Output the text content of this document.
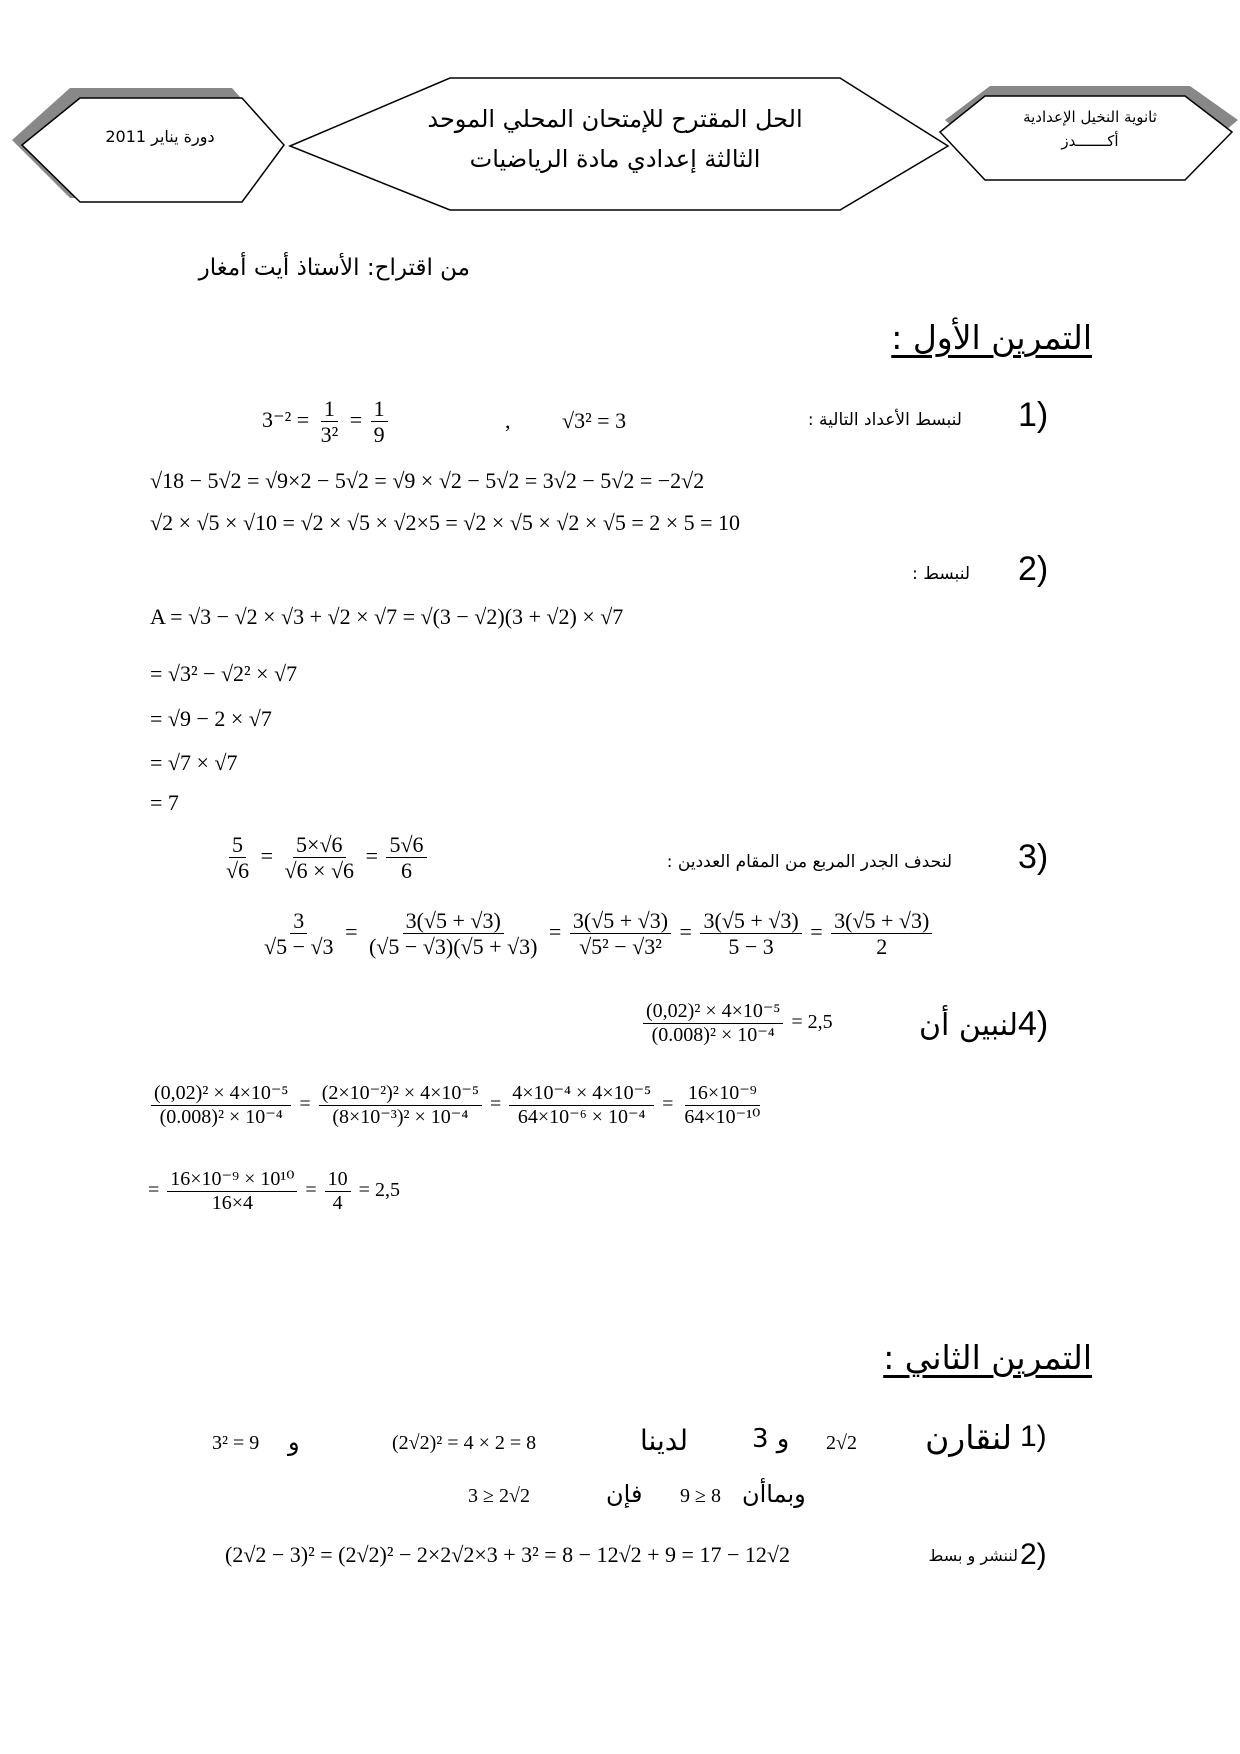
دورة يناير 2011
الحل المقترح للإمتحان المحلي الموحد
الثالثة إعدادي مادة الرياضيات
ثانوية النخيل الإعدادية
أكـــــــدز
من اقتراح: الأستاذ أيت أمغار
التمرين الأول :
1)
لنبسط الأعداد التالية :
√3² = 3
,
$3^{-2} = \frac{1}{\text{3²}} = \frac{1}{9}$
√18 − 5√2 = √9×2 − 5√2 = √9 × √2 − 5√2 = 3√2 − 5√2 = −2√2
√2 × √5 × √10 = √2 × √5 × √2×5 = √2 × √5 × √2 × √5 = 2 × 5 = 10
2)
لنبسط :
A = √3 − √2 × √3 + √2 × √7 = √(3 − √2)(3 + √2) × √7
= √3² − √2² × √7
= √9 − 2 × √7
= √7 × √7
= 7
3)
لنحدف الجدر المربع من المقام العددين :
$\frac{5}{√6} = \frac{5\times√6}{√6 \times √6} = \frac{5√6}{6}$
$\frac{3}{√5 - √3} = \frac{3(√5 + √3)}{(√5 - √3)(√5 + √3)} = \frac{3(√5 + √3)}{\text{√5² − √3²}} = \frac{3(√5 + √3)}{5 - 3} = \frac{3(√5 + √3)}{2}$
4)
لنبين أن
$\frac{\text{(0,02)² × 4×10⁻⁵}}{\text{(0.008)² × 10⁻⁴}} = 2,5$
$\frac{\text{(0,02)² × 4×10⁻⁵}}{\text{(0.008)² × 10⁻⁴}} = \frac{\text{(2×10⁻²)² × 4×10⁻⁵}}{\text{(8×10⁻³)² × 10⁻⁴}} = \frac{\text{4×10⁻⁴ × 4×10⁻⁵}}{\text{64×10⁻⁶ × 10⁻⁴}} = \frac{\text{16×10⁻⁹}}{\text{64×10⁻¹⁰}}$
= $\frac{\text{16×10⁻⁹ × 10¹⁰}}{16\times 4} = \frac{10}{4} = 2,5$
التمرين الثاني :
1)
لنقارن
2√2
و 3
لدينا
(2√2)² = 4 × 2 = 8
و
3² = 9
وبماأن
9 ≥ 8
فإن
3 ≥ 2√2
2)
لننشر و بسط
(2√2 − 3)² = (2√2)² − 2×2√2×3 + 3² = 8 − 12√2 + 9 = 17 − 12√2
